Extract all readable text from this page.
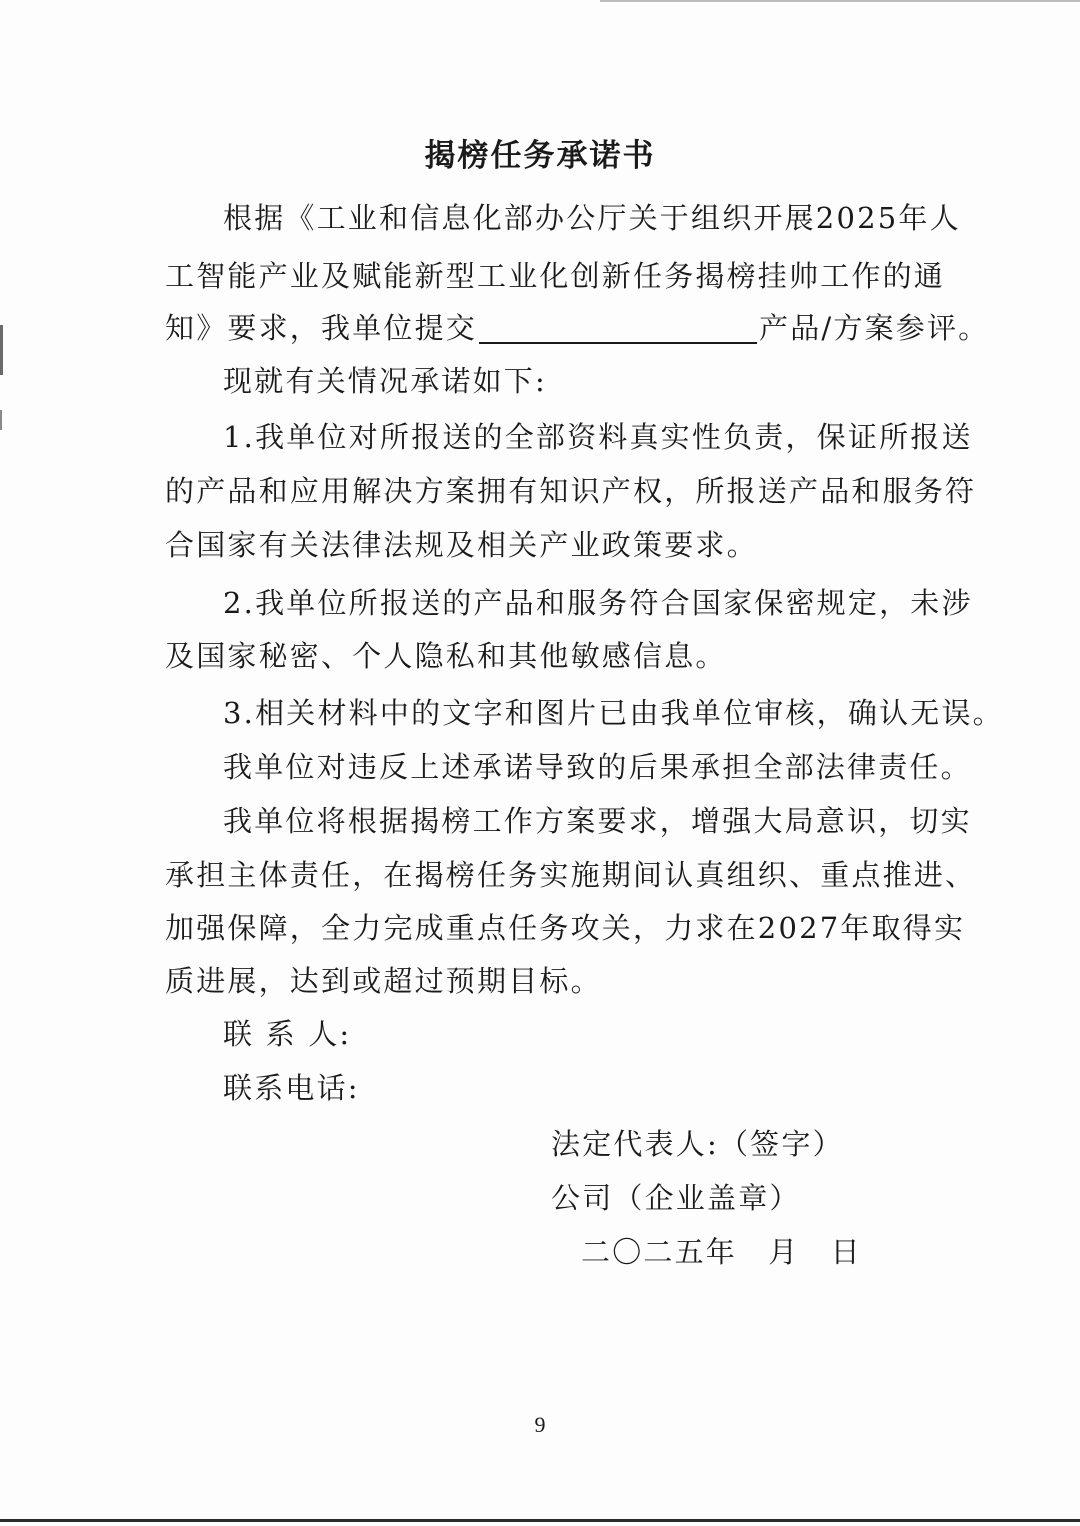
揭榜任务承诺书

根据《工业和信息化部办公厅关于组织开展2025年人

工智能产业及赋能新型工业化创新任务揭榜挂帅工作的通

知》要求，我单位提交	产品/方案参评。

现就有关情况承诺如下:

1.我单位对所报送的全部资料真实性负责，保证所报送

的产品和应用解决方案拥有知识产权，所报送产品和服务符

合国家有关法律法规及相关产业政策要求。

2.我单位所报送的产品和服务符合国家保密规定，未涉

及国家秘密、个人隐私和其他敏感信息。

3.相关材料中的文字和图片已由我单位审核，确认无误。

我单位对违反上述承诺导致的后果承担全部法律责任。

我单位将根据揭榜工作方案要求，增强大局意识，切实

承担主体责任，在揭榜任务实施期间认真组织、重点推进、

加强保障，全力完成重点任务攻关，力求在2027年取得实

质进展，达到或超过预期目标。

联 系 人:

联系电话:

法定代表人:（签字）

公司（企业盖章）

二〇二五年　月　日

9
